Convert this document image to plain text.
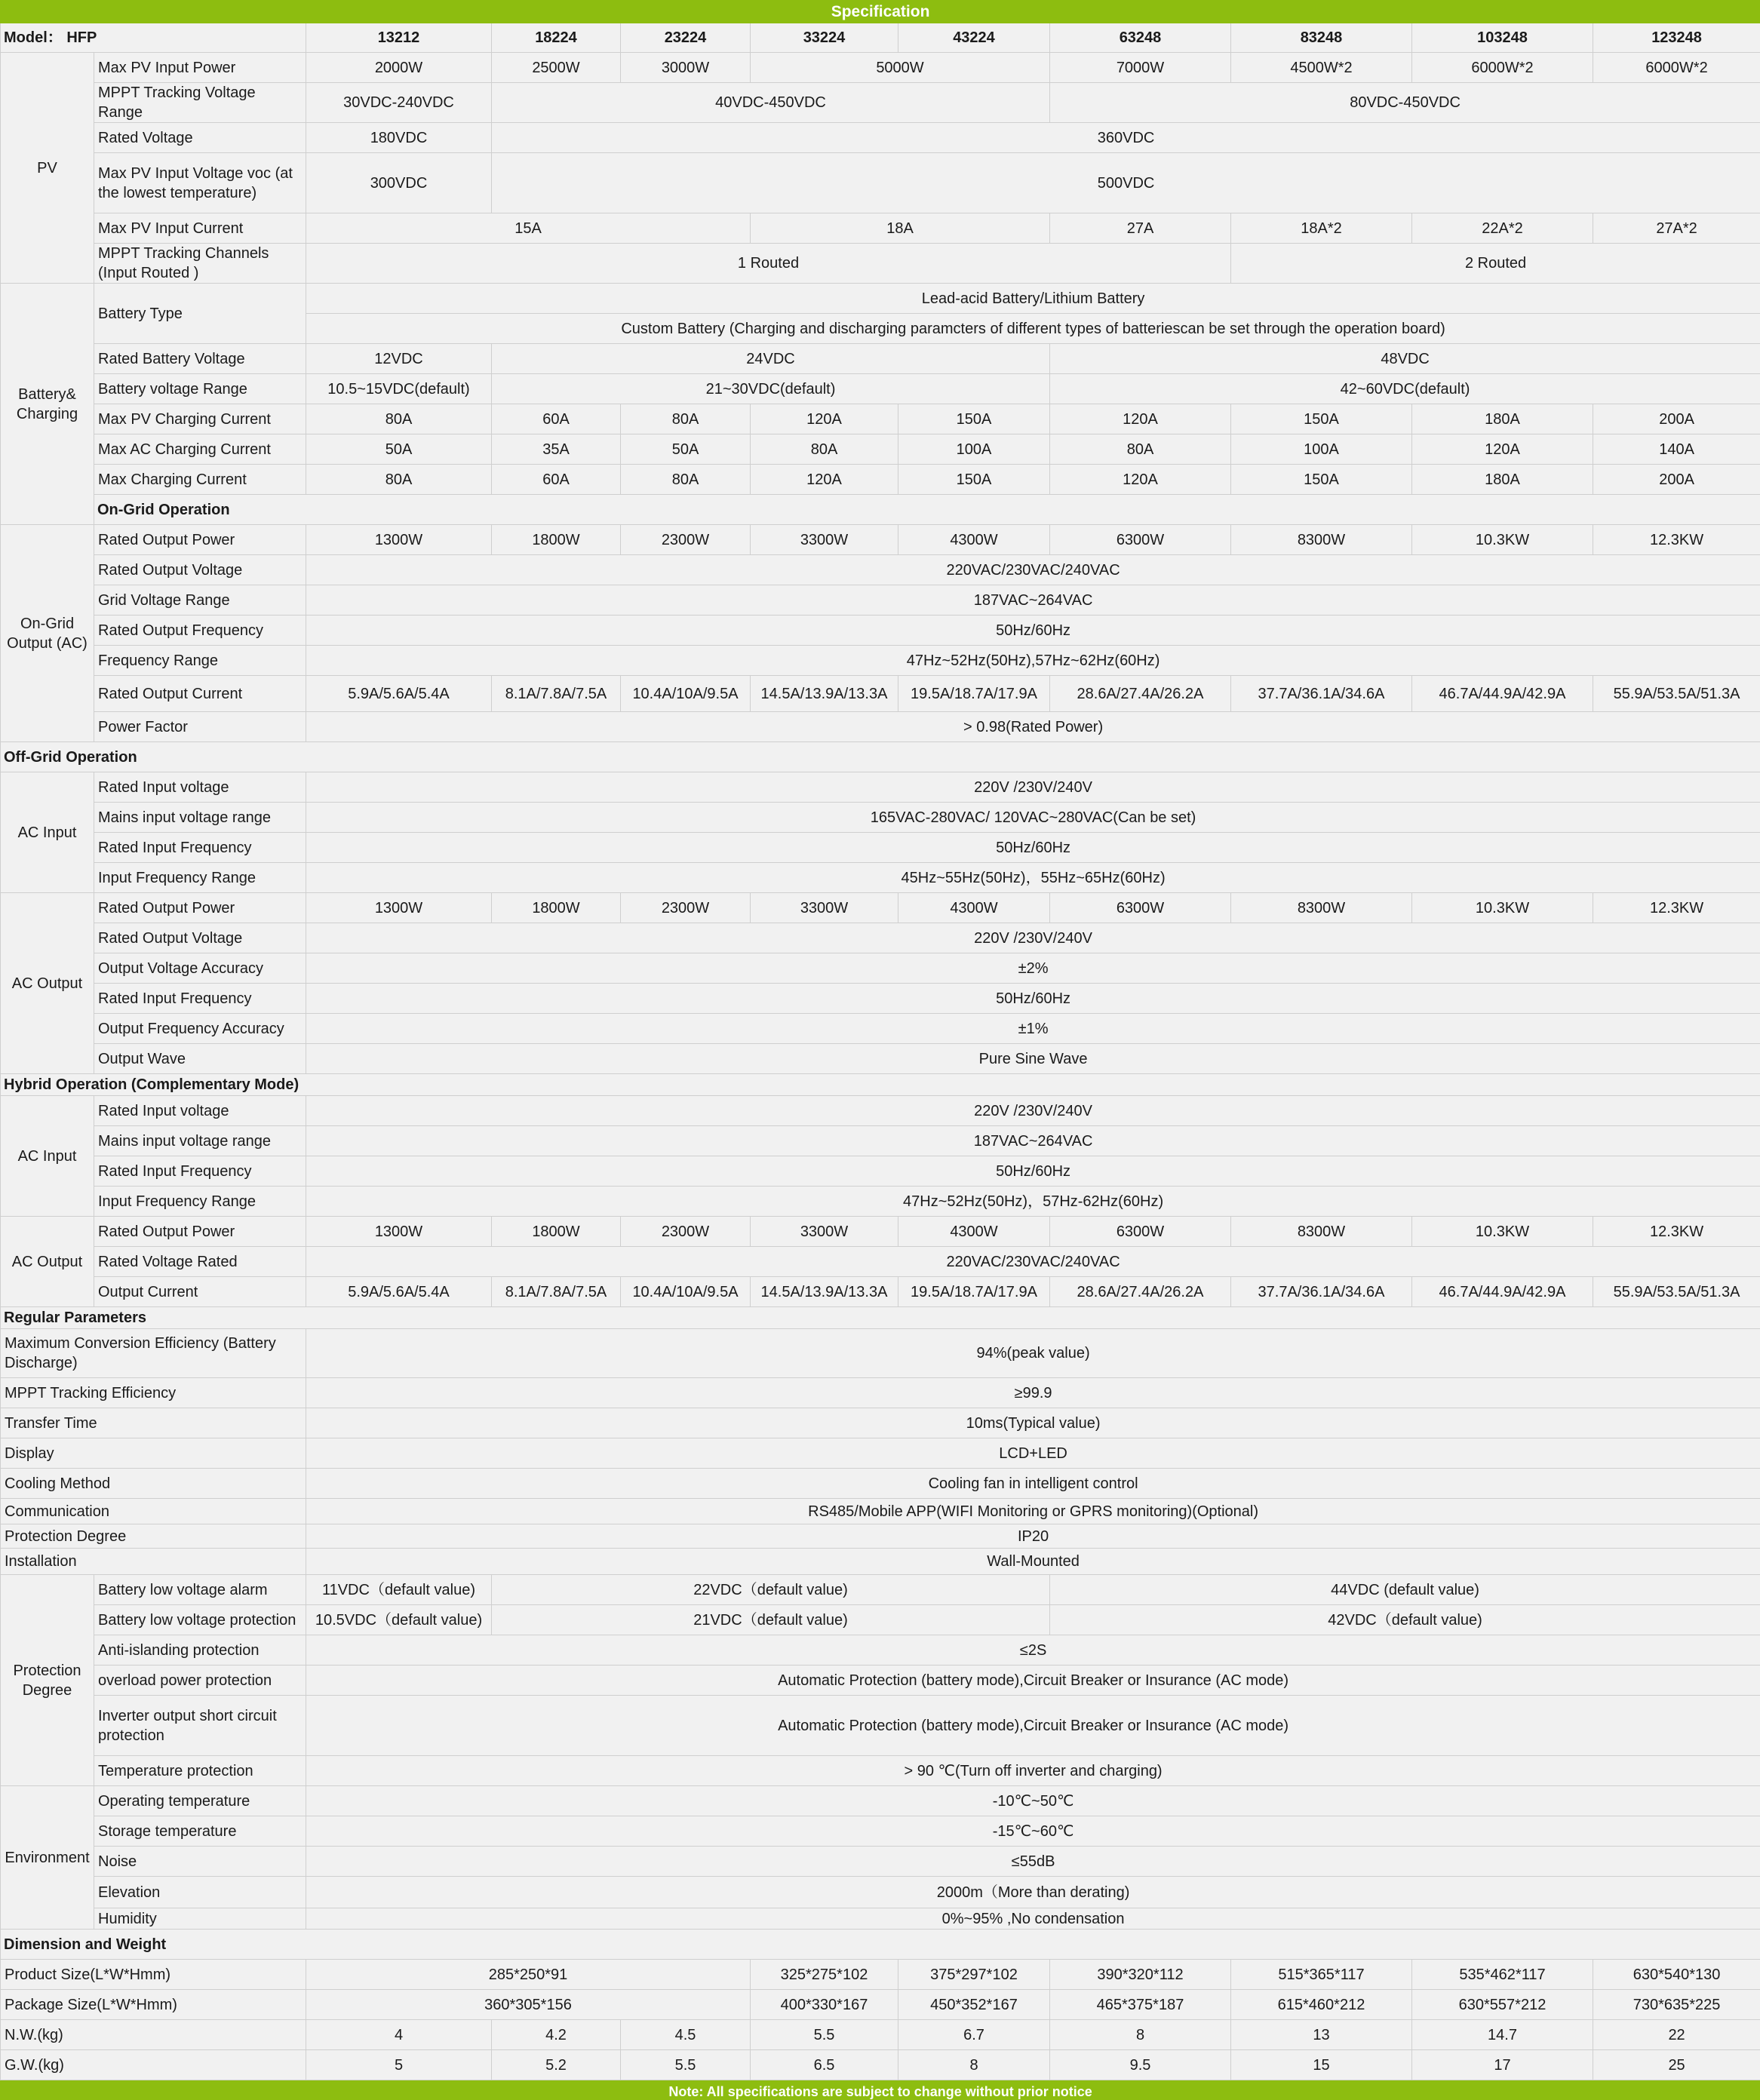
Specification										
Model： HFP		13212	18224	23224	33224	43224	63248	83248	103248	123248
PV	Max PV Input Power	2000W	2500W	3000W	5000W		7000W	4500W*2	6000W*2	6000W*2
	MPPT Tracking Voltage Range	30VDC-240VDC	40VDC-450VDC				80VDC-450VDC			
	Rated Voltage	180VDC	360VDC							
	Max PV Input Voltage voc (at the lowest temperature)	300VDC	500VDC							
	Max PV Input Current	15A			18A		27A	18A*2	22A*2	27A*2
	MPPT Tracking Channels (Input Routed )	1 Routed						2 Routed		
Battery& Charging	Battery Type	Lead-acid Battery/Lithium Battery								
		Custom Battery (Charging and discharging paramcters of different types of batteriescan be set through the operation board)								
	Rated Battery Voltage	12VDC	24VDC				48VDC			
	Battery voltage Range	10.5~15VDC(default)	21~30VDC(default)				42~60VDC(default)			
	Max PV Charging Current	80A	60A	80A	120A	150A	120A	150A	180A	200A
	Max AC Charging Current	50A	35A	50A	80A	100A	80A	100A	120A	140A
	Max Charging Current	80A	60A	80A	120A	150A	120A	150A	180A	200A
	On-Grid Operation									
On-Grid Output (AC)	Rated Output Power	1300W	1800W	2300W	3300W	4300W	6300W	8300W	10.3KW	12.3KW
	Rated Output Voltage	220VAC/230VAC/240VAC								
	Grid Voltage Range	187VAC~264VAC								
	Rated Output Frequency	50Hz/60Hz								
	Frequency Range	47Hz~52Hz(50Hz),57Hz~62Hz(60Hz)								
	Rated Output Current	5.9A/5.6A/5.4A	8.1A/7.8A/7.5A	10.4A/10A/9.5A	14.5A/13.9A/13.3A	19.5A/18.7A/17.9A	28.6A/27.4A/26.2A	37.7A/36.1A/34.6A	46.7A/44.9A/42.9A	55.9A/53.5A/51.3A
	Power Factor	> 0.98(Rated Power)								
Off-Grid Operation										
AC Input	Rated Input voltage	220V /230V/240V								
	Mains input voltage range	165VAC-280VAC/ 120VAC~280VAC(Can be set)								
	Rated Input Frequency	50Hz/60Hz								
	Input Frequency Range	45Hz~55Hz(50Hz)，55Hz~65Hz(60Hz)								
AC Output	Rated Output Power	1300W	1800W	2300W	3300W	4300W	6300W	8300W	10.3KW	12.3KW
	Rated Output Voltage	220V /230V/240V								
	Output Voltage Accuracy	±2%								
	Rated Input Frequency	50Hz/60Hz								
	Output Frequency Accuracy	±1%								
	Output Wave	Pure Sine Wave								
Hybrid Operation (Complementary Mode)										
AC Input	Rated Input voltage	220V /230V/240V								
	Mains input voltage range	187VAC~264VAC								
	Rated Input Frequency	50Hz/60Hz								
	Input Frequency Range	47Hz~52Hz(50Hz)，57Hz-62Hz(60Hz)								
AC Output	Rated Output Power	1300W	1800W	2300W	3300W	4300W	6300W	8300W	10.3KW	12.3KW
	Rated Voltage Rated	220VAC/230VAC/240VAC								
	Output Current	5.9A/5.6A/5.4A	8.1A/7.8A/7.5A	10.4A/10A/9.5A	14.5A/13.9A/13.3A	19.5A/18.7A/17.9A	28.6A/27.4A/26.2A	37.7A/36.1A/34.6A	46.7A/44.9A/42.9A	55.9A/53.5A/51.3A
Regular Parameters										
Maximum Conversion Efficiency (Battery Discharge)		94%(peak value)								
MPPT Tracking Efficiency		≥99.9								
Transfer Time		10ms(Typical value)								
Display		LCD+LED								
Cooling Method		Cooling fan in intelligent control								
Communication		RS485/Mobile APP(WIFI Monitoring or GPRS monitoring)(Optional)								
Protection Degree		IP20								
Installation		Wall-Mounted								
Protection Degree	Battery low voltage alarm	11VDC（default value)	22VDC（default value)				44VDC (default value)			
	Battery low voltage protection	10.5VDC（default value)	21VDC（default value)				42VDC（default value)			
	Anti-islanding protection	≤2S								
	overload power protection	Automatic Protection (battery mode),Circuit Breaker or Insurance (AC mode)								
	Inverter output short circuit protection	Automatic Protection (battery mode),Circuit Breaker or Insurance (AC mode)								
	Temperature protection	> 90 ℃(Turn off inverter and charging)								
Environment	Operating temperature	-10℃~50℃								
	Storage temperature	-15℃~60℃								
	Noise	≤55dB								
	Elevation	2000m（More than derating)								
	Humidity	0%~95% ,No condensation								
Dimension and Weight										
Product Size(L*W*Hmm)		285*250*91			325*275*102	375*297*102	390*320*112	515*365*117	535*462*117	630*540*130
Package Size(L*W*Hmm)		360*305*156			400*330*167	450*352*167	465*375*187	615*460*212	630*557*212	730*635*225
N.W.(kg)		4	4.2	4.5	5.5	6.7	8	13	14.7	22
G.W.(kg)		5	5.2	5.5	6.5	8	9.5	15	17	25
Note: All specifications are subject to change without prior notice										
